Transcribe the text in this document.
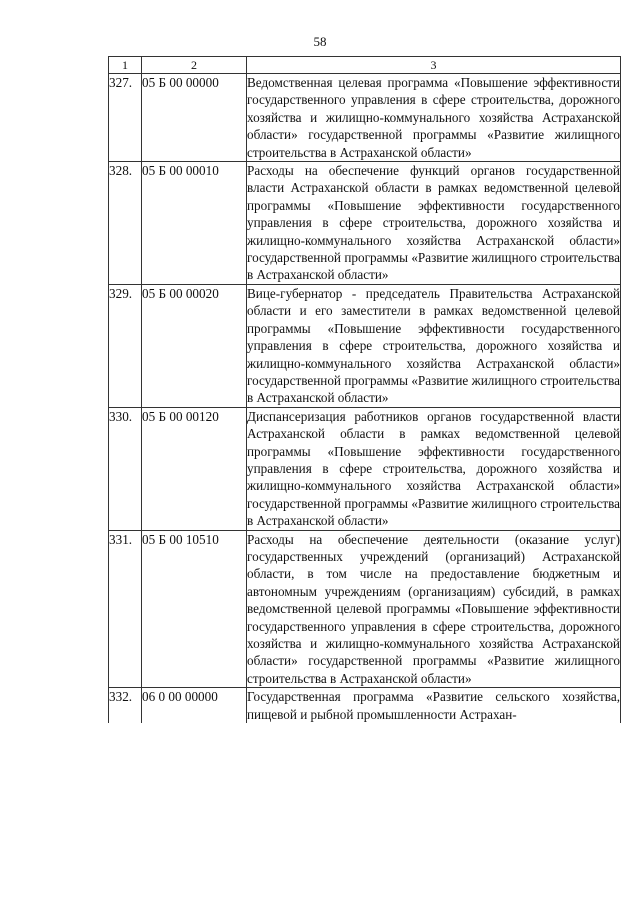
58
1	2	3
327.	05 Б 00 00000	Ведомственная целевая программа «Повышение эффективности государственного управления в сфере строительства, дорожного хозяйства и жилищно-коммунального хозяйства Астраханской области» государственной программы «Развитие жилищного строительства в Астраханской области»
328.	05 Б 00 00010	Расходы на обеспечение функций органов государственной власти Астраханской области в рамках ведомственной целевой программы «Повышение эффективности государственного управления в сфере строительства, дорожного хозяйства и жилищно-коммунального хозяйства Астраханской области» государственной программы «Развитие жилищного строительства в Астраханской области»
329.	05 Б 00 00020	Вице-губернатор - председатель Правительства Астраханской области и его заместители в рамках ведомственной целевой программы «Повышение эффективности государственного управления в сфере строительства, дорожного хозяйства и жилищно-коммунального хозяйства Астраханской области» государственной программы «Развитие жилищного строительства в Астраханской области»
330.	05 Б 00 00120	Диспансеризация работников органов государственной власти Астраханской области в рамках ведомственной целевой программы «Повышение эффективности государственного управления в сфере строительства, дорожного хозяйства и жилищно-коммунального хозяйства Астраханской области» государственной программы «Развитие жилищного строительства в Астраханской области»
331.	05 Б 00 10510	Расходы на обеспечение деятельности (оказание услуг) государственных учреждений (организаций) Астраханской области, в том числе на предоставление бюджетным и автономным учреждениям (организациям) субсидий, в рамках ведомственной целевой программы «Повышение эффективности государственного управления в сфере строительства, дорожного хозяйства и жилищно-коммунального хозяйства Астраханской области» государственной программы «Развитие жилищного строительства в Астраханской области»
332.	06 0 00 00000	Государственная программа «Развитие сельского хозяйства, пищевой и рыбной промышленности Астрахан-
